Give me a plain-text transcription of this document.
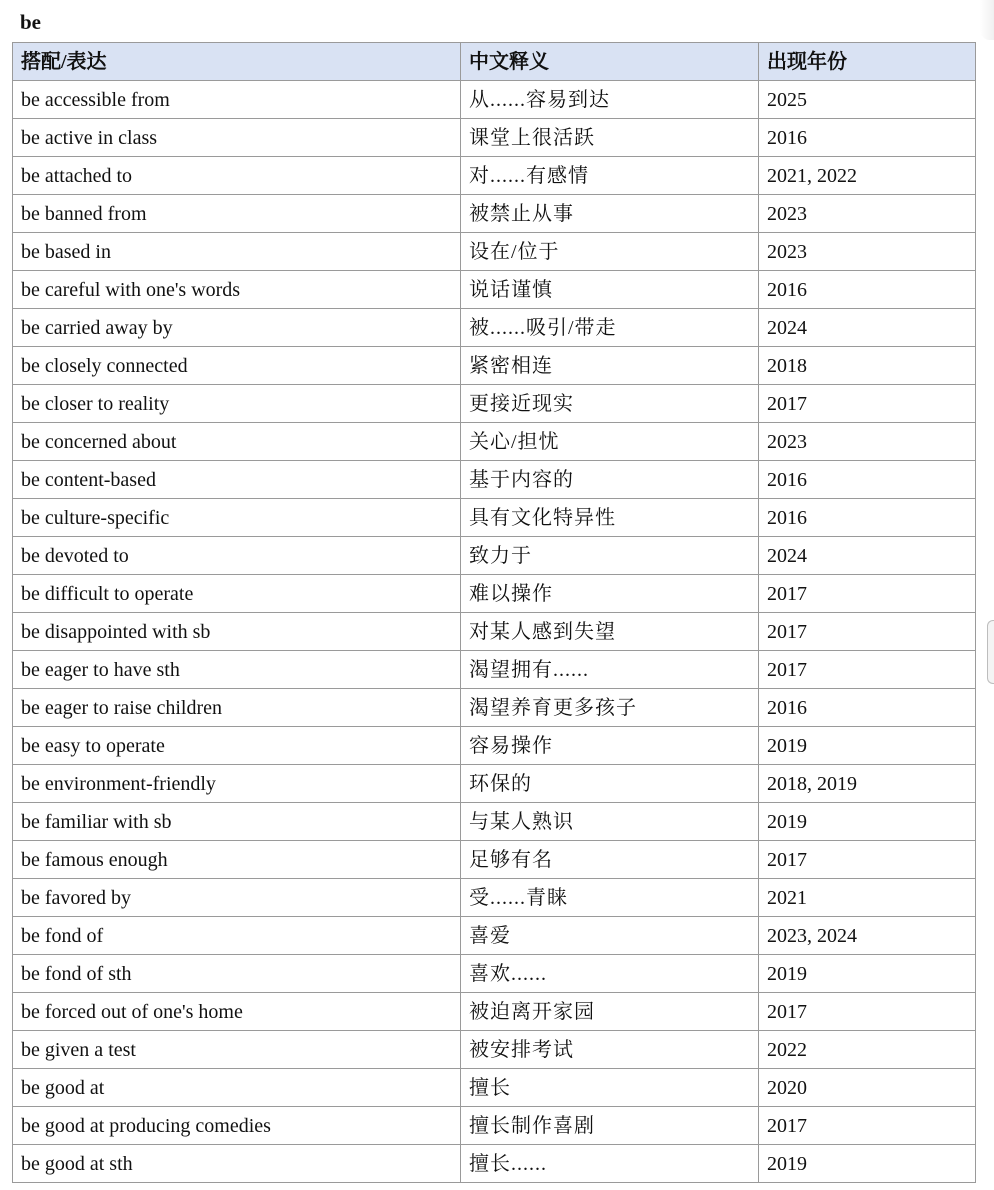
be
搭配/表达	中文释义	出现年份
be accessible from	从......容易到达	2025
be active in class	课堂上很活跃	2016
be attached to	对......有感情	2021, 2022
be banned from	被禁止从事	2023
be based in	设在/位于	2023
be careful with one's words	说话谨慎	2016
be carried away by	被......吸引/带走	2024
be closely connected	紧密相连	2018
be closer to reality	更接近现实	2017
be concerned about	关心/担忧	2023
be content-based	基于内容的	2016
be culture-specific	具有文化特异性	2016
be devoted to	致力于	2024
be difficult to operate	难以操作	2017
be disappointed with sb	对某人感到失望	2017
be eager to have sth	渴望拥有......	2017
be eager to raise children	渴望养育更多孩子	2016
be easy to operate	容易操作	2019
be environment-friendly	环保的	2018, 2019
be familiar with sb	与某人熟识	2019
be famous enough	足够有名	2017
be favored by	受......青睐	2021
be fond of	喜爱	2023, 2024
be fond of sth	喜欢......	2019
be forced out of one's home	被迫离开家园	2017
be given a test	被安排考试	2022
be good at	擅长	2020
be good at producing comedies	擅长制作喜剧	2017
be good at sth	擅长......	2019
